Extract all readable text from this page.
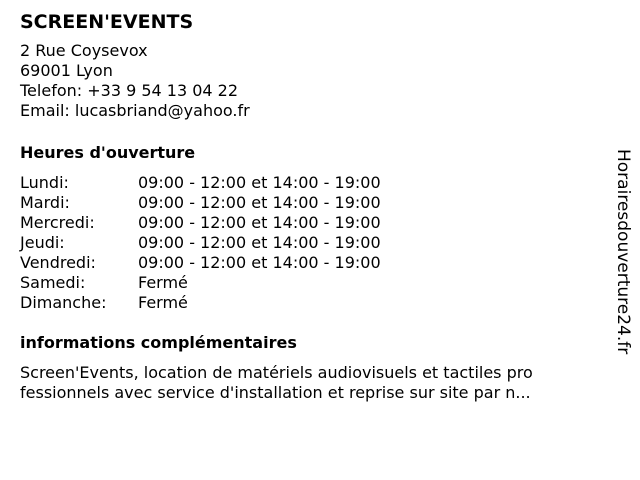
SCREEN'EVENTS
2 Rue Coysevox
69001 Lyon
Telefon: +33 9 54 13 04 22
Email: lucasbriand@yahoo.fr
Heures d'ouverture
Lundi:	09:00 - 12:00 et 14:00 - 19:00
Mardi:	09:00 - 12:00 et 14:00 - 19:00
Mercredi:	09:00 - 12:00 et 14:00 - 19:00
Jeudi:	09:00 - 12:00 et 14:00 - 19:00
Vendredi:	09:00 - 12:00 et 14:00 - 19:00
Samedi:	Fermé
Dimanche:	Fermé
informations complémentaires
Screen'Events, location de matériels audiovisuels et tactiles pro
fessionnels avec service d'installation et reprise sur site par n...
Horairesdouverture24.fr
